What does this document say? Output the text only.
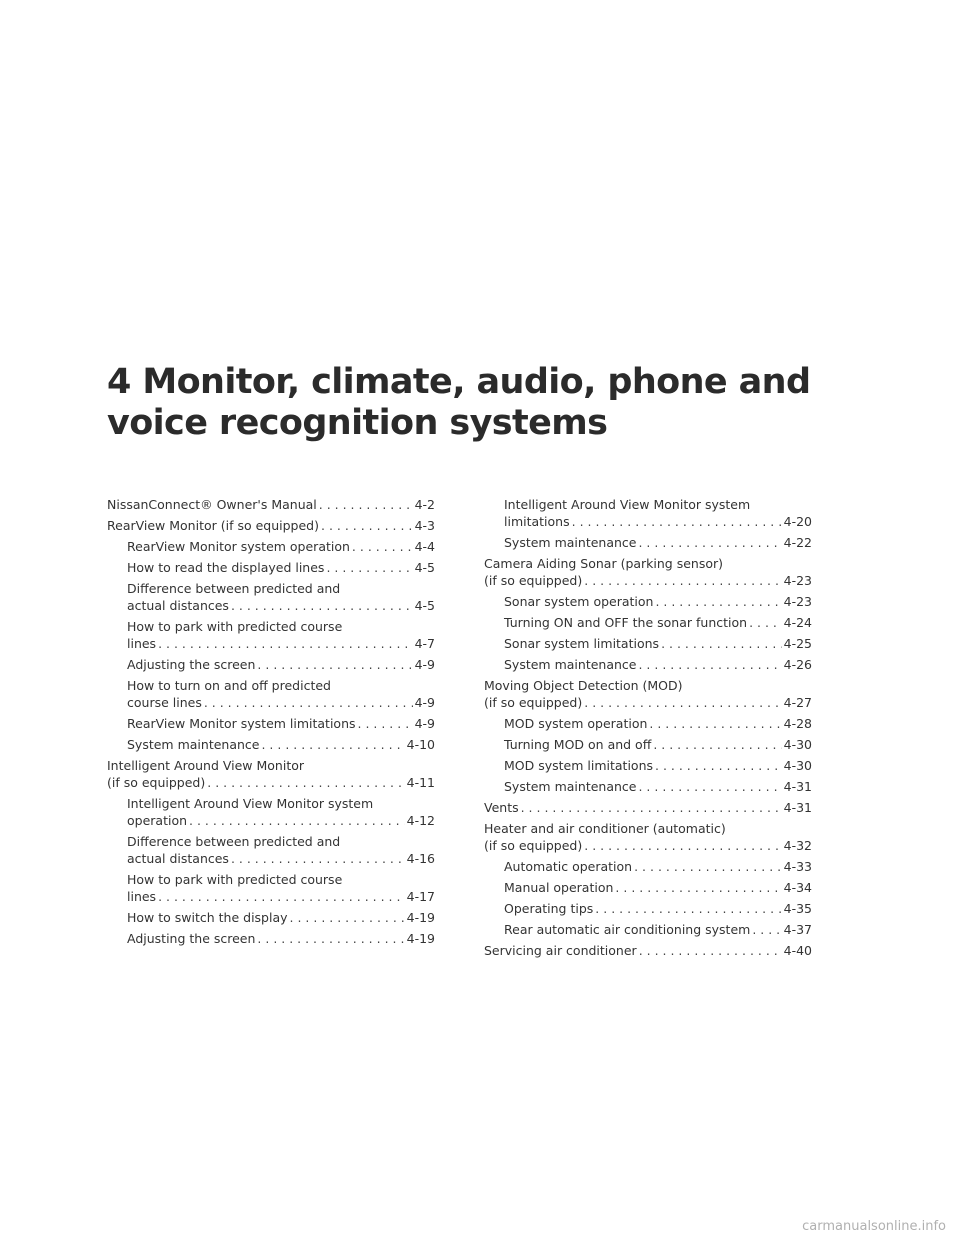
4 Monitor, climate, audio, phone and
voice recognition systems
NissanConnect® Owner's Manual . . .	4-2
RearView Monitor (if so equipped) . . .	4-3
RearView Monitor system operation . . .	4-4
How to read the displayed lines . . .	4-5
Difference between predicted and
actual distances . . .	4-5
How to park with predicted course
lines . . .	4-7
Adjusting the screen . . .	4-9
How to turn on and off predicted
course lines . . .	4-9
RearView Monitor system limitations . . .	4-9
System maintenance . . .	4-10
Intelligent Around View Monitor
(if so equipped) . . .	4-11
Intelligent Around View Monitor system
operation . . .	4-12
Difference between predicted and
actual distances . . .	4-16
How to park with predicted course
lines . . .	4-17
How to switch the display . . .	4-19
Adjusting the screen . . .	4-19
Intelligent Around View Monitor system
limitations . . .	4-20
System maintenance . . .	4-22
Camera Aiding Sonar (parking sensor)
(if so equipped) . . .	4-23
Sonar system operation . . .	4-23
Turning ON and OFF the sonar function . . .	4-24
Sonar system limitations . . .	4-25
System maintenance . . .	4-26
Moving Object Detection (MOD)
(if so equipped) . . .	4-27
MOD system operation . . .	4-28
Turning MOD on and off . . .	4-30
MOD system limitations . . .	4-30
System maintenance . . .	4-31
Vents . . .	4-31
Heater and air conditioner (automatic)
(if so equipped) . . .	4-32
Automatic operation . . .	4-33
Manual operation . . .	4-34
Operating tips . . .	4-35
Rear automatic air conditioning system . . .	4-37
Servicing air conditioner . . .	4-40
carmanualsonline.info
